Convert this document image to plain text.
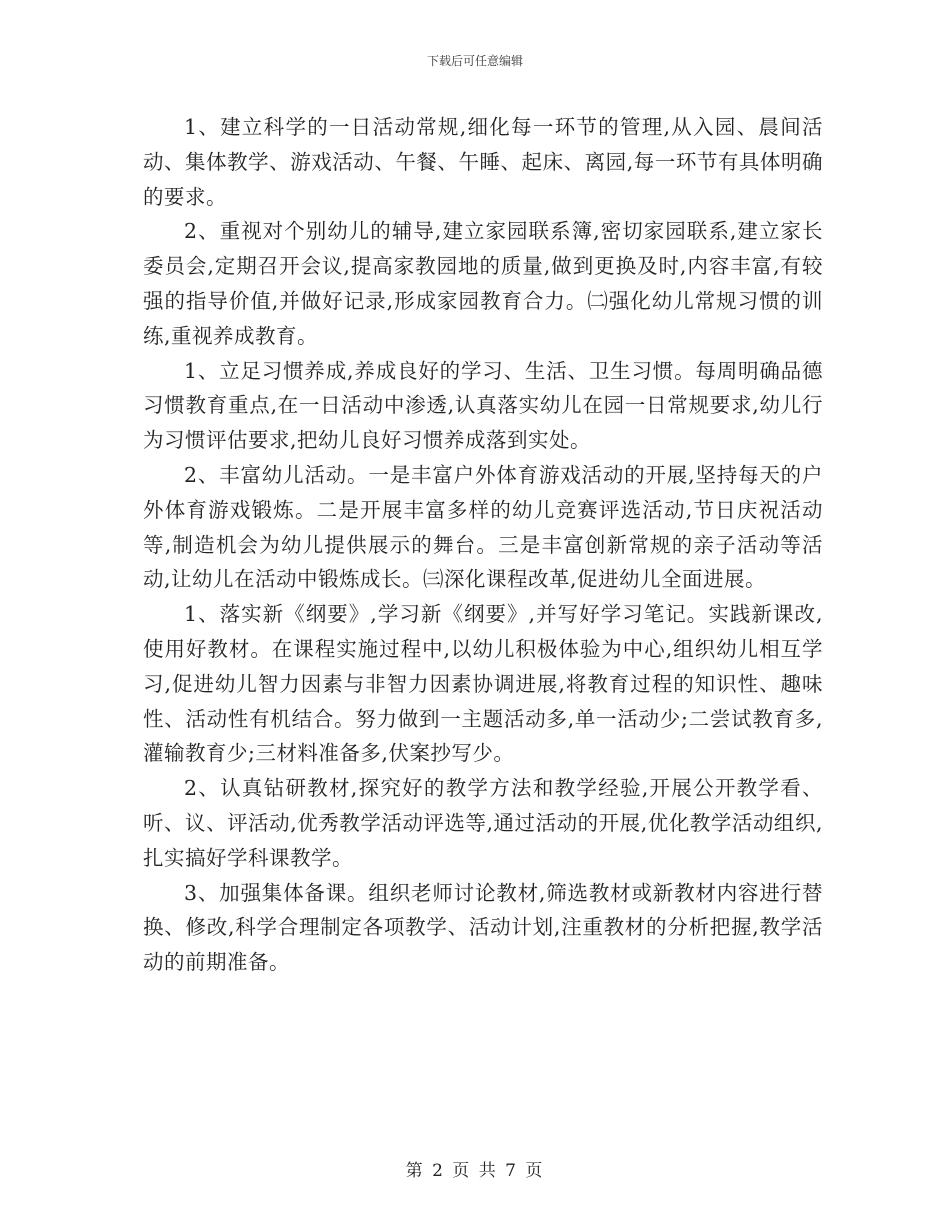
下载后可任意编辑

1、建立科学的一日活动常规,细化每一环节的管理,从入园、晨间活动、集体教学、游戏活动、午餐、午睡、起床、离园,每一环节有具体明确的要求。

2、重视对个别幼儿的辅导,建立家园联系簿,密切家园联系,建立家长委员会,定期召开会议,提高家教园地的质量,做到更换及时,内容丰富,有较强的指导价值,并做好记录,形成家园教育合力。㈡强化幼儿常规习惯的训练,重视养成教育。

1、立足习惯养成,养成良好的学习、生活、卫生习惯。每周明确品德习惯教育重点,在一日活动中渗透,认真落实幼儿在园一日常规要求,幼儿行为习惯评估要求,把幼儿良好习惯养成落到实处。

2、丰富幼儿活动。一是丰富户外体育游戏活动的开展,坚持每天的户外体育游戏锻炼。二是开展丰富多样的幼儿竞赛评选活动,节日庆祝活动等,制造机会为幼儿提供展示的舞台。三是丰富创新常规的亲子活动等活动,让幼儿在活动中锻炼成长。㈢深化课程改革,促进幼儿全面进展。

1、落实新《纲要》,学习新《纲要》,并写好学习笔记。实践新课改,使用好教材。在课程实施过程中,以幼儿积极体验为中心,组织幼儿相互学习,促进幼儿智力因素与非智力因素协调进展,将教育过程的知识性、趣味性、活动性有机结合。努力做到一主题活动多,单一活动少;二尝试教育多,灌输教育少;三材料准备多,伏案抄写少。

2、认真钻研教材,探究好的教学方法和教学经验,开展公开教学看、听、议、评活动,优秀教学活动评选等,通过活动的开展,优化教学活动组织,扎实搞好学科课教学。

3、加强集体备课。组织老师讨论教材,筛选教材或新教材内容进行替换、修改,科学合理制定各项教学、活动计划,注重教材的分析把握,教学活动的前期准备。

第 2 页 共 7 页
